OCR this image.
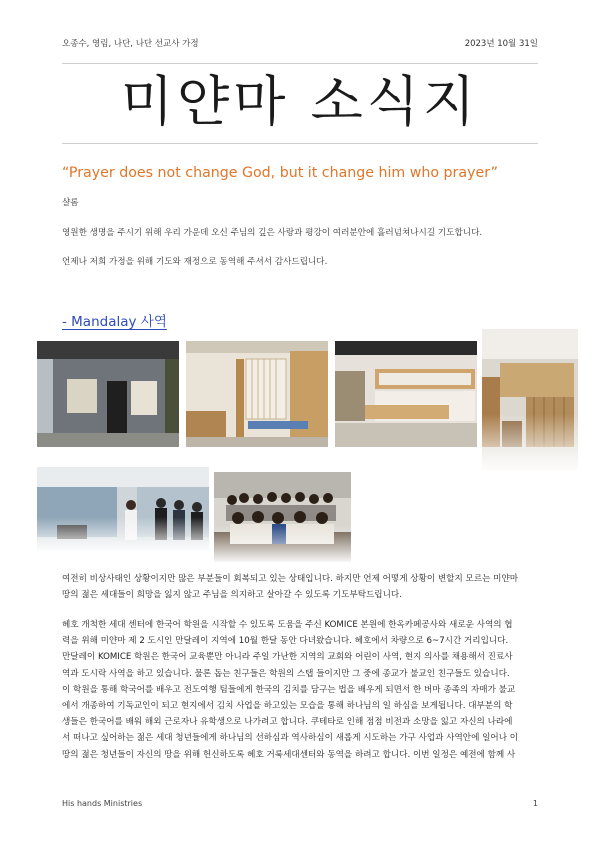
오종수, 영림, 나단, 나단 선교사 가정	2023년 10월 31일
미얀마 소식지
“Prayer does not change God, but it change him who prayer”
샬롬
영원한 생명을 주시기 위해 우리 가운데 오신 주님의 깊은 사랑과 평강이 여러분안에 흘러넘쳐나시길 기도합니다.
언제나 저희 가정을 위해 기도와 재정으로 동역해 주셔서 감사드립니다.
- Mandalay 사역
여전히 비상사태인 상황이지만 많은 부분들이 회복되고 있는 상태입니다. 하지만 언제 어떻게 상황이 변할지 모르는 미얀마
땅의 젊은 세대들이 희망을 잃지 않고 주님을 의지하고 살아갈 수 있도록 기도부탁드립니다.
헤호 개척한 세대 센터에 한국어 학원을 시작할 수 있도록 도움을 주신 KOMICE 본원에 한옥카페공사와 새로운 사역의 협
력을 위해 미얀마 제 2 도시인 만달레이 지역에 10월 한달 동안 다녀왔습니다. 헤호에서 차량으로 6~7시간 거리입니다.
만달레이 KOMICE 학원은 한국어 교육뿐만 아니라 주일 가난한 지역의 교회와 어린이 사역, 현지 의사를 채용해서 진료사
역과 도시락 사역을 하고 있습니다. 물론 돕는 친구들은 학원의 스탭 들이지만 그 중에 종교가 불교인 친구들도 있습니다.
이 학원을 통해 학국어를 배우고 전도여행 팀들에게 한국의 김치를 담구는 법을 배우게 되면서 한 버마 종족의 자매가 불교
에서 개종하여 기독교인이 되고 현지에서 김치 사업을 하고있는 모습을 통해 하나님의 일 하심을 보게됩니다. 대부분의 학
생들은 한국어를 배워 해외 근로자나 유학생으로 나가려고 합니다. 쿠테타로 인해 점점 비전과 소망을 잃고 자신의 나라에
서 떠나고 싶어하는 젊은 세대 청년들에게 하나님의 선하심과 역사하심이 새롭게 시도하는 가구 사업과 사역안에 일어나 이
땅의 젊은 청년들이 자신의 땅을 위해 헌신하도록 헤호 거룩세대센터와 동역을 하려고 합니다. 이번 일정은 예전에 함께 사
His hands Ministries	1
